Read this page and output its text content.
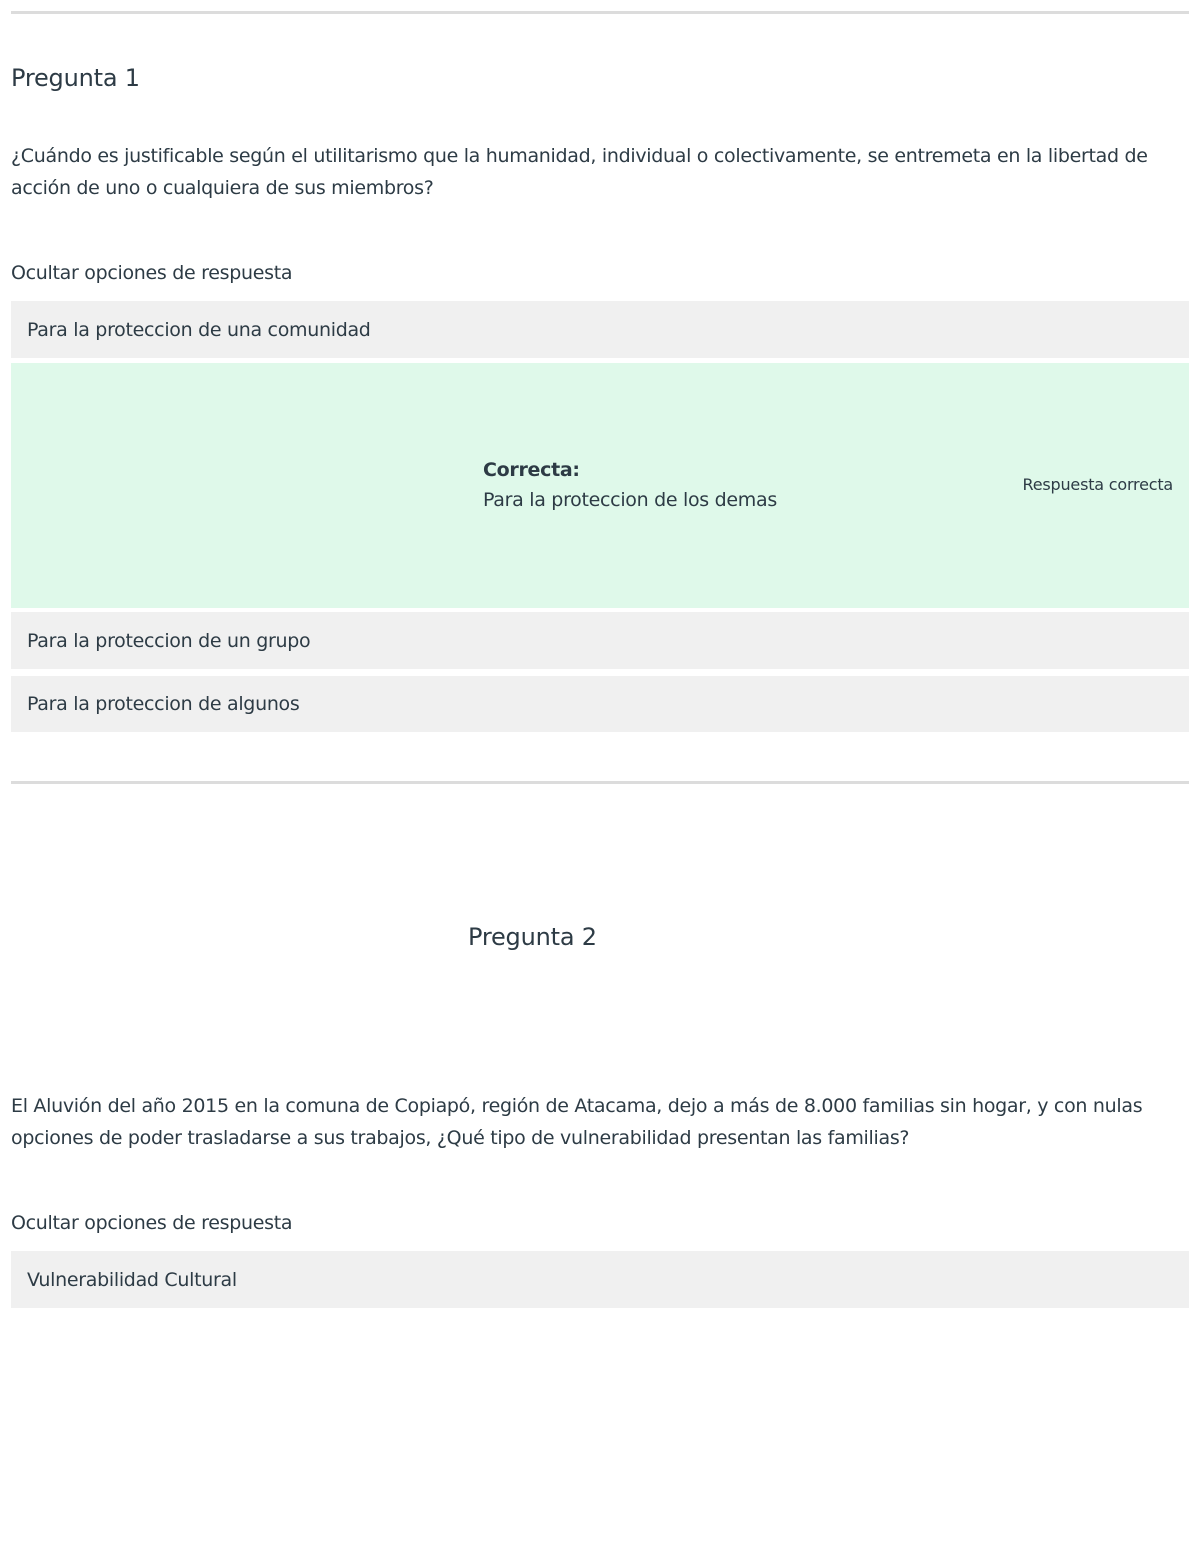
Pregunta 1

¿Cuándo es justificable según el utilitarismo que la humanidad, individual o colectivamente, se entremeta en la libertad de acción de uno o cualquiera de sus miembros?

Ocultar opciones de respuesta
Para la proteccion de una comunidad
Correcta:
Para la proteccion de los demas
Respuesta correcta
Para la proteccion de un grupo
Para la proteccion de algunos
Pregunta 2

El Aluvión del año 2015 en la comuna de Copiapó, región de Atacama, dejo a más de 8.000 familias sin hogar, y con nulas opciones de poder trasladarse a sus trabajos, ¿Qué tipo de vulnerabilidad presentan las familias?

Ocultar opciones de respuesta
Vulnerabilidad Cultural
